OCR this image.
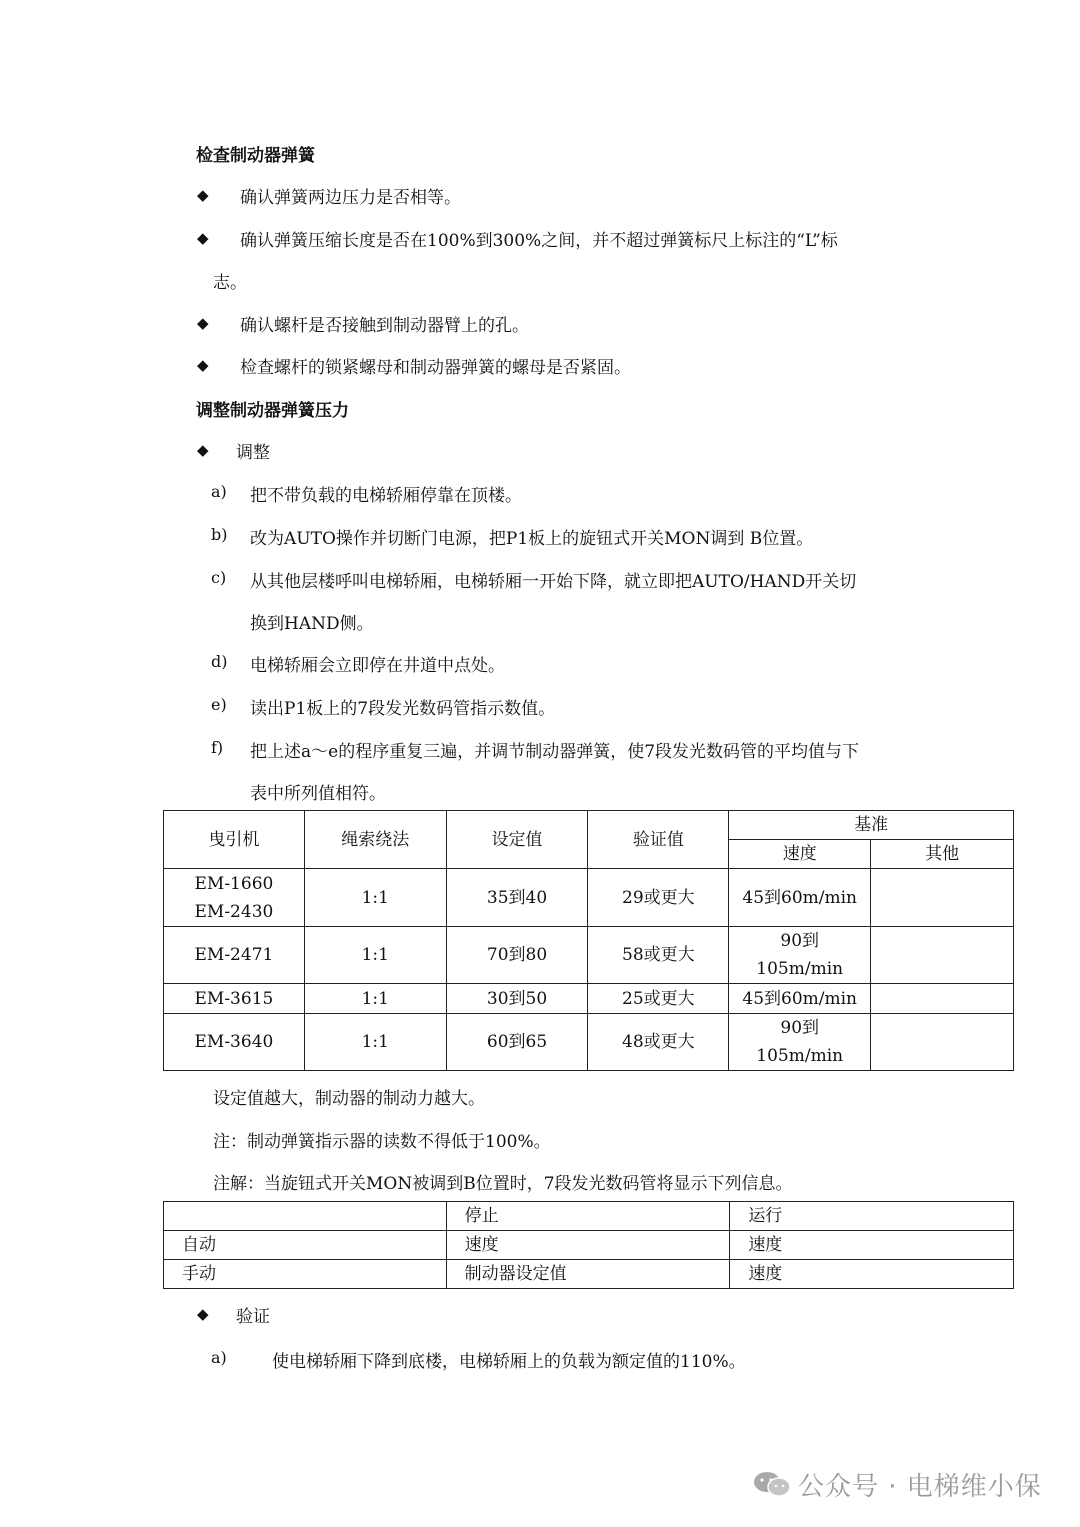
检查制动器弹簧
◆ 确认弹簧两边压力是否相等。
◆ 确认弹簧压缩长度是否在100%到300%之间，并不超过弹簧标尺上标注的“L”标
志。
◆ 确认螺杆是否接触到制动器臂上的孔。
◆ 检查螺杆的锁紧螺母和制动器弹簧的螺母是否紧固。
调整制动器弹簧压力
◆ 调整
a) 把不带负载的电梯轿厢停靠在顶楼。
b) 改为AUTO操作并切断门电源，把P1板上的旋钮式开关MON调到 B位置。
c) 从其他层楼呼叫电梯轿厢，电梯轿厢一开始下降，就立即把AUTO/HAND开关切
换到HAND侧。
d) 电梯轿厢会立即停在井道中点处。
e) 读出P1板上的7段发光数码管指示数值。
f) 把上述a～e的程序重复三遍，并调节制动器弹簧，使7段发光数码管的平均值与下
表中所列值相符。
曳引机	绳索绕法	设定值	验证值	基准	
				速度	其他

EM-1660
EM-2430	1:1	35到40	29或更大	45到60m/min	
EM-2471	1:1	70到80	58或更大	90到
105m/min	

EM-3615	1:1	30到50	25或更大	45到60m/min	
EM-3640	1:1	60到65	48或更大	90到
105m/min	

设定值越大，制动器的制动力越大。
注：制动弹簧指示器的读数不得低于100%。
注解：当旋钮式开关MON被调到B位置时，7段发光数码管将显示下列信息。
	停止	运行
自动	速度	速度
手动	制动器设定值	速度
◆ 验证
a)	使电梯轿厢下降到底楼，电梯轿厢上的负载为额定值的110%。
公众号 · 电梯维小保
